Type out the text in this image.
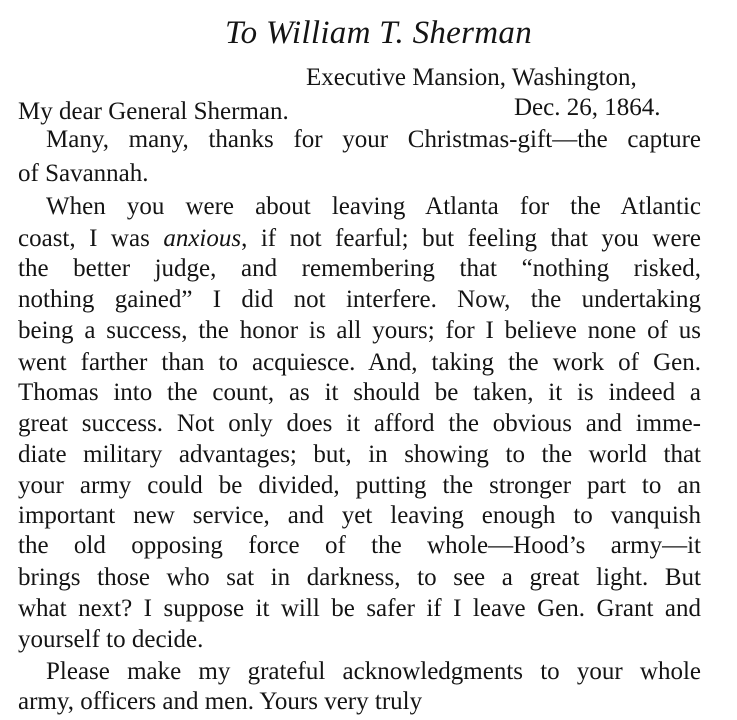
To William T. Sherman
Executive Mansion, Washington,
My dear General Sherman.	Dec. 26, 1864.
Many, many, thanks for your Christmas-gift—the capture
of Savannah.
When you were about leaving Atlanta for the Atlantic
coast, I was anxious, if not fearful; but feeling that you were
the better judge, and remembering that “nothing risked,
nothing gained” I did not interfere. Now, the undertaking
being a success, the honor is all yours; for I believe none of us
went farther than to acquiesce. And, taking the work of Gen.
Thomas into the count, as it should be taken, it is indeed a
great success. Not only does it afford the obvious and imme-
diate military advantages; but, in showing to the world that
your army could be divided, putting the stronger part to an
important new service, and yet leaving enough to vanquish
the old opposing force of the whole—Hood’s army—it
brings those who sat in darkness, to see a great light. But
what next? I suppose it will be safer if I leave Gen. Grant and
yourself to decide.
Please make my grateful acknowledgments to your whole
army, officers and men. Yours very truly
